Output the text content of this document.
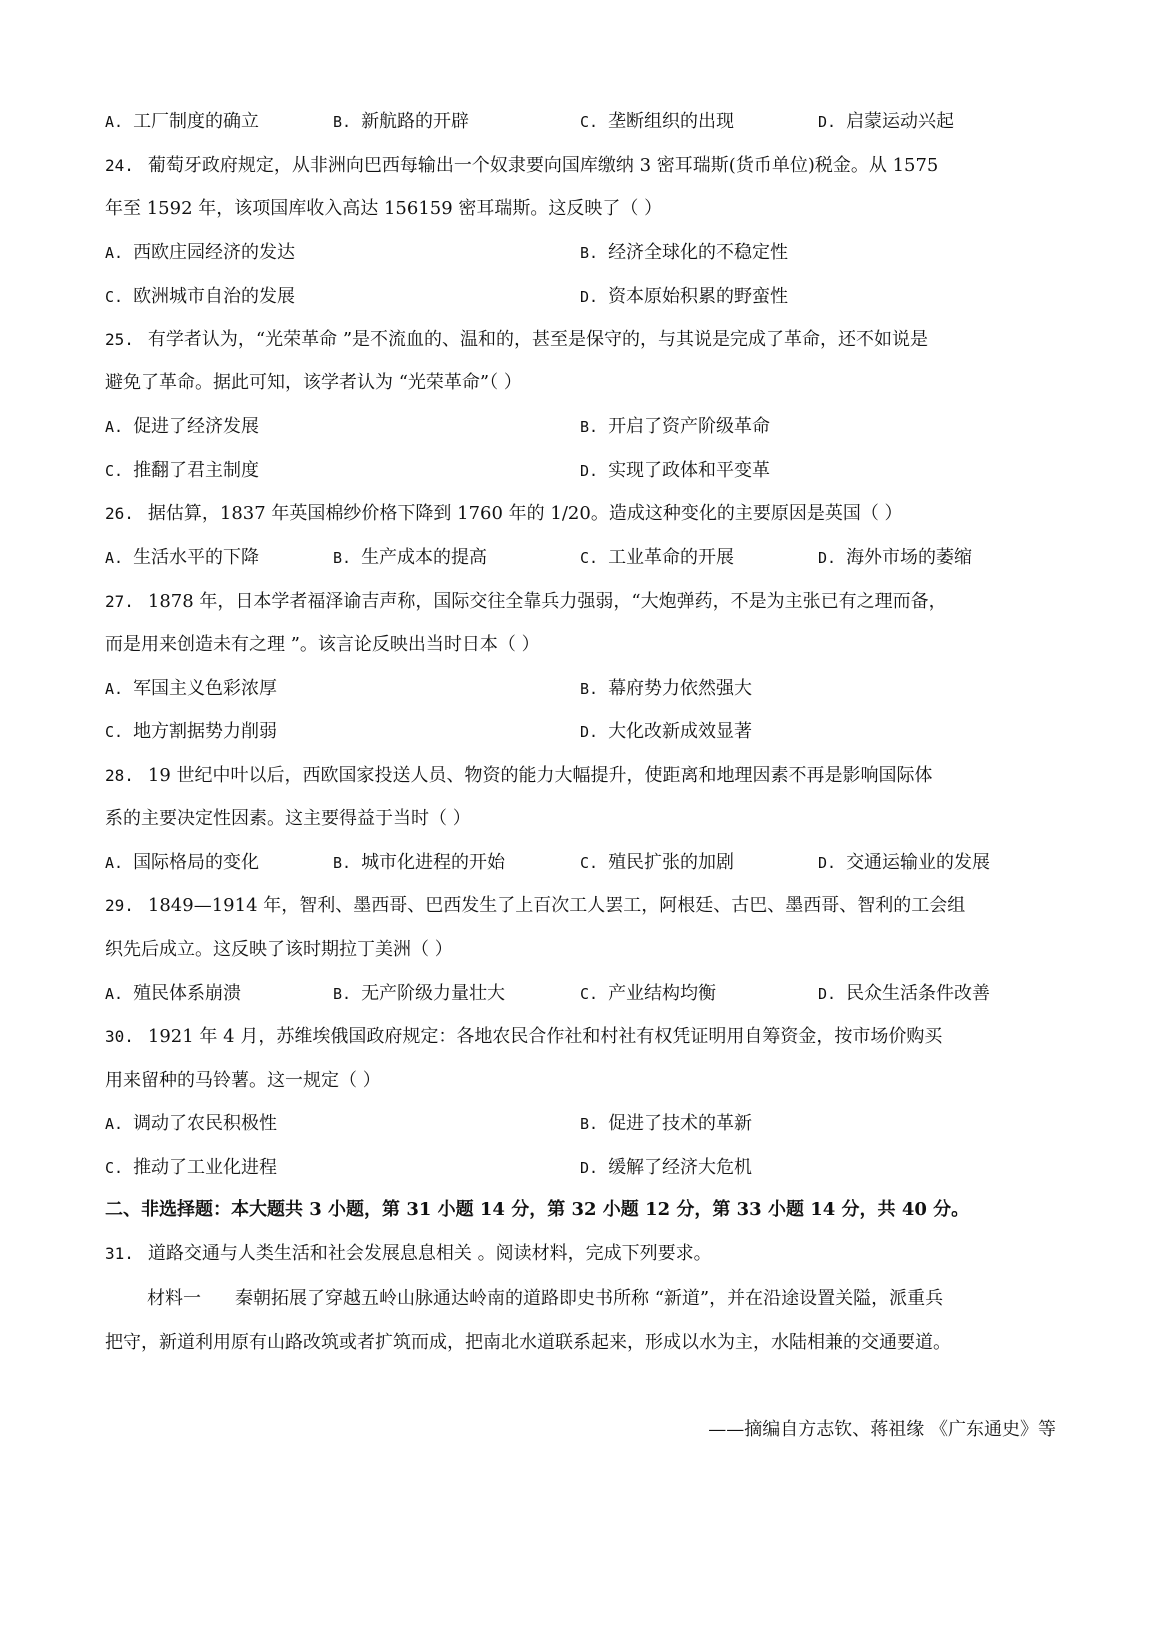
A. 工厂制度的确立	B. 新航路的开辟	C. 垄断组织的出现	D. 启蒙运动兴起
24. 葡萄牙政府规定，从非洲向巴西每输出一个奴隶要向国库缴纳 3 密耳瑞斯(货币单位)税金。从 1575
年至 1592 年，该项国库收入高达 156159 密耳瑞斯。这反映了（ ）
A. 西欧庄园经济的发达	B. 经济全球化的不稳定性
C. 欧洲城市自治的发展	D. 资本原始积累的野蛮性
25. 有学者认为，“光荣革命 ”是不流血的、温和的，甚至是保守的，与其说是完成了革命，还不如说是
避免了革命。据此可知，该学者认为 “光荣革命”（ ）
A. 促进了经济发展	B. 开启了资产阶级革命
C. 推翻了君主制度	D. 实现了政体和平变革
26. 据估算，1837 年英国棉纱价格下降到 1760 年的 1/20。造成这种变化的主要原因是英国（ ）
A. 生活水平的下降	B. 生产成本的提高	C. 工业革命的开展	D. 海外市场的萎缩
27. 1878 年，日本学者福泽谕吉声称，国际交往全靠兵力强弱，“大炮弹药，不是为主张已有之理而备，
而是用来创造未有之理 ”。该言论反映出当时日本（ ）
A. 军国主义色彩浓厚	B. 幕府势力依然强大
C. 地方割据势力削弱	D. 大化改新成效显著
28. 19 世纪中叶以后，西欧国家投送人员、物资的能力大幅提升，使距离和地理因素不再是影响国际体
系的主要决定性因素。这主要得益于当时（ ）
A. 国际格局的变化	B. 城市化进程的开始	C. 殖民扩张的加剧	D. 交通运输业的发展
29. 1849—1914 年，智利、墨西哥、巴西发生了上百次工人罢工，阿根廷、古巴、墨西哥、智利的工会组
织先后成立。这反映了该时期拉丁美洲（ ）
A. 殖民体系崩溃	B. 无产阶级力量壮大	C. 产业结构均衡	D. 民众生活条件改善
30. 1921 年 4 月，苏维埃俄国政府规定：各地农民合作社和村社有权凭证明用自筹资金，按市场价购买
用来留种的马铃薯。这一规定（ ）
A. 调动了农民积极性	B. 促进了技术的革新
C. 推动了工业化进程	D. 缓解了经济大危机
二、非选择题：本大题共 3 小题，第 31 小题 14 分，第 32 小题 12 分，第 33 小题 14 分，共 40 分。
31. 道路交通与人类生活和社会发展息息相关 。阅读材料，完成下列要求。
材料一 秦朝拓展了穿越五岭山脉通达岭南的道路即史书所称 “新道”，并在沿途设置关隘，派重兵
把守，新道利用原有山路改筑或者扩筑而成，把南北水道联系起来，形成以水为主，水陆相兼的交通要道。
——摘编自方志钦、蒋祖缘 《广东通史》等
